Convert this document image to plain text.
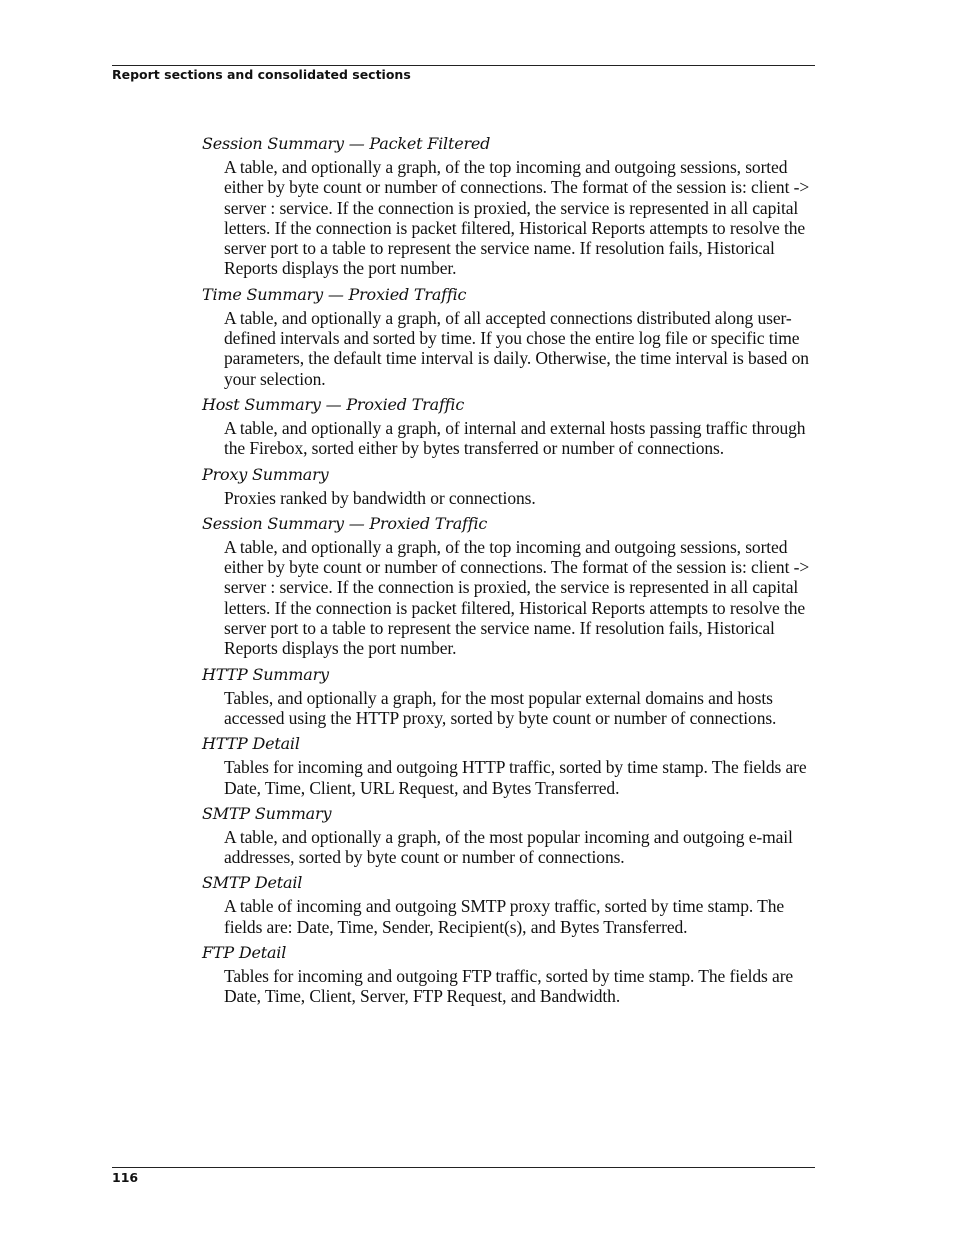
Report sections and consolidated sections
Session Summary — Packet Filtered
A table, and optionally a graph, of the top incoming and outgoing sessions, sorted either by byte count or number of connections. The format of the session is: client -> server : service. If the connection is proxied, the service is represented in all capital letters. If the connection is packet filtered, Historical Reports attempts to resolve the server port to a table to represent the service name. If resolution fails, Historical Reports displays the port number.
Time Summary — Proxied Traffic
A table, and optionally a graph, of all accepted connections distributed along user-defined intervals and sorted by time. If you chose the entire log file or specific time parameters, the default time interval is daily. Otherwise, the time interval is based on your selection.
Host Summary — Proxied Traffic
A table, and optionally a graph, of internal and external hosts passing traffic through the Firebox, sorted either by bytes transferred or number of connections.
Proxy Summary
Proxies ranked by bandwidth or connections.
Session Summary — Proxied Traffic
A table, and optionally a graph, of the top incoming and outgoing sessions, sorted either by byte count or number of connections. The format of the session is: client -> server : service. If the connection is proxied, the service is represented in all capital letters. If the connection is packet filtered, Historical Reports attempts to resolve the server port to a table to represent the service name. If resolution fails, Historical Reports displays the port number.
HTTP Summary
Tables, and optionally a graph, for the most popular external domains and hosts accessed using the HTTP proxy, sorted by byte count or number of connections.
HTTP Detail
Tables for incoming and outgoing HTTP traffic, sorted by time stamp. The fields are Date, Time, Client, URL Request, and Bytes Transferred.
SMTP Summary
A table, and optionally a graph, of the most popular incoming and outgoing e-mail addresses, sorted by byte count or number of connections.
SMTP Detail
A table of incoming and outgoing SMTP proxy traffic, sorted by time stamp. The fields are: Date, Time, Sender, Recipient(s), and Bytes Transferred.
FTP Detail
Tables for incoming and outgoing FTP traffic, sorted by time stamp. The fields are Date, Time, Client, Server, FTP Request, and Bandwidth.
116
